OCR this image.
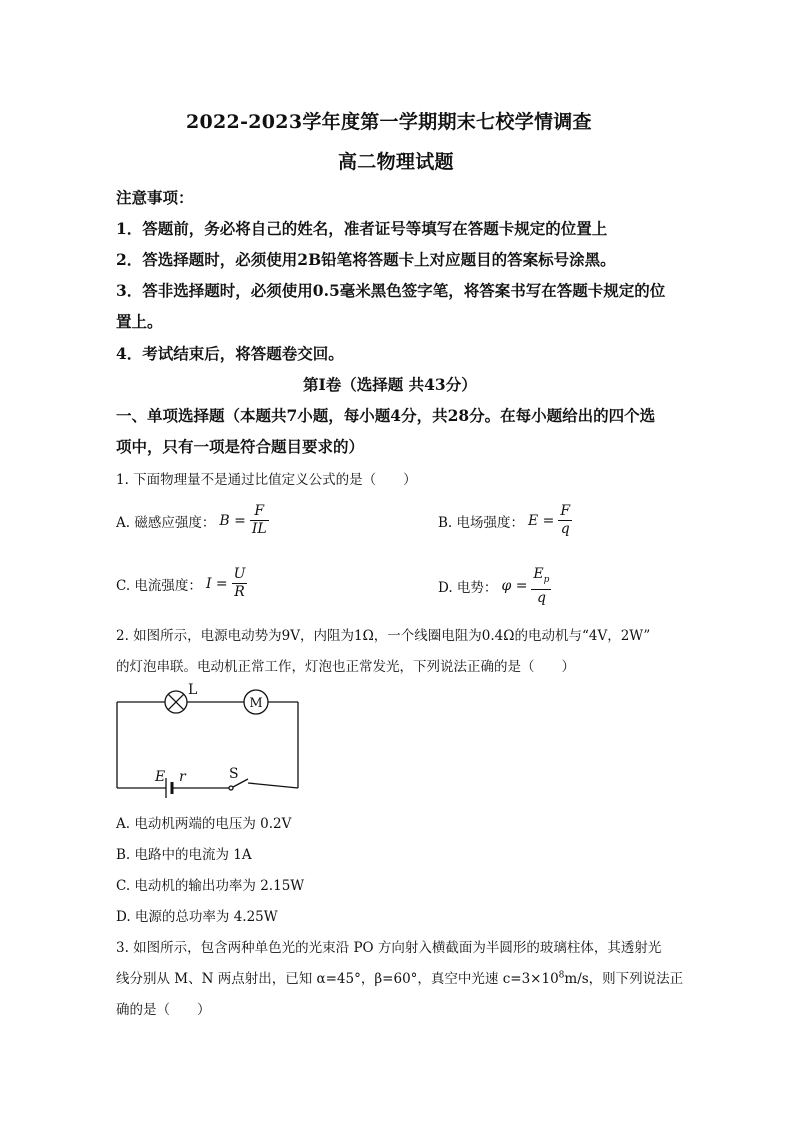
2022-2023学年度第一学期期末七校学情调查
高二物理试题
注意事项：
1．答题前，务必将自己的姓名，准者证号等填写在答题卡规定的位置上
2．答选择题时，必须使用2B铅笔将答题卡上对应题目的答案标号涂黑。
3．答非选择题时，必须使用0.5毫米黑色签字笔，将答案书写在答题卡规定的位
置上。
4．考试结束后，将答题卷交回。
第I卷（选择题 共43分）
一、单项选择题（本题共7小题，每小题4分，共28分。在每小题给出的四个选
项中，只有一项是符合题目要求的）
1. 下面物理量不是通过比值定义公式的是（　　）
A. 磁感应强度： $B = \frac{F}{IL}$	B. 电场强度： $E = \frac{F}{q}$
C. 电流强度： $I = \frac{U}{R}$	D. 电势： $\varphi = \frac{E_p}{q}$
2. 如图所示，电源电动势为9V，内阻为1Ω，一个线圈电阻为0.4Ω的电动机与“4V，2W”
的灯泡串联。电动机正常工作，灯泡也正常发光，下列说法正确的是（　　）
L
M
E r	S
A. 电动机两端的电压为 0.2V
B. 电路中的电流为 1A
C. 电动机的输出功率为 2.15W
D. 电源的总功率为 4.25W
3. 如图所示，包含两种单色光的光束沿 PO 方向射入横截面为半圆形的玻璃柱体，其透射光
线分别从 M、N 两点射出，已知 α=45°，β=60°，真空中光速 $c=3\times 10^8m/s$，则下列说法正
确的是（　　）
